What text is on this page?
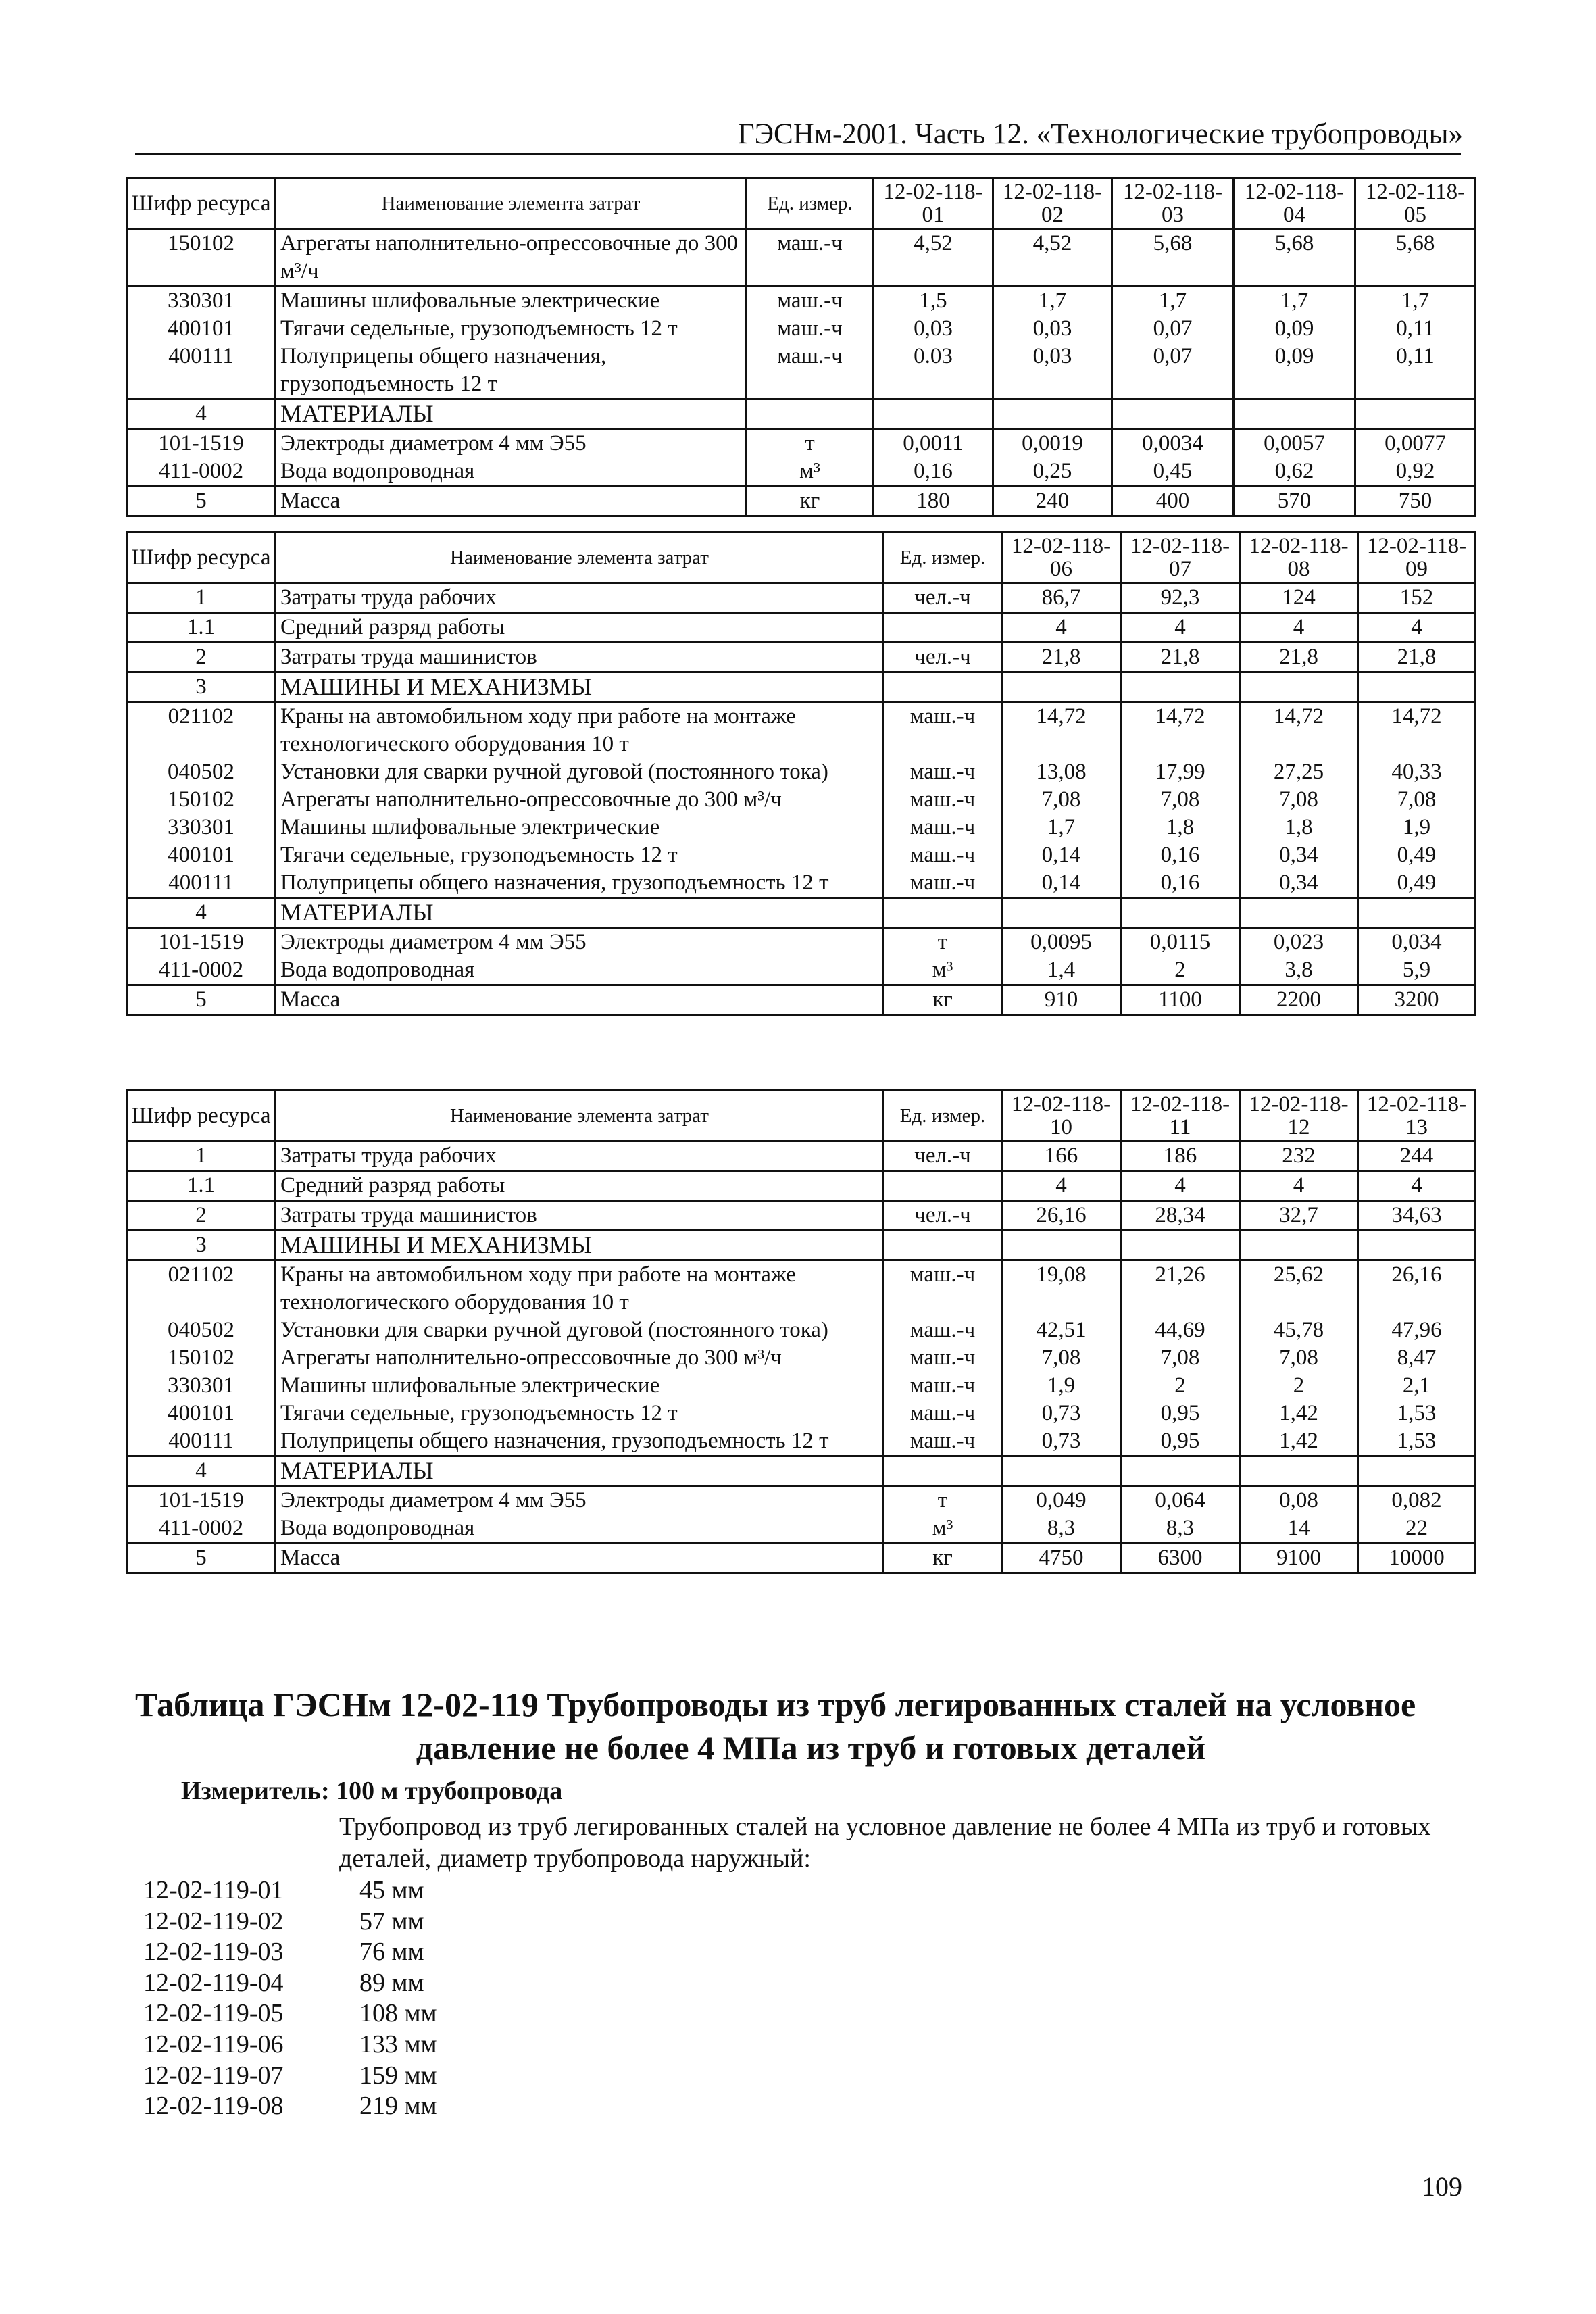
ГЭСНм-2001. Часть 12. «Технологические трубопроводы»
Шифр ресурса	Наименование элемента затрат	Ед. измер.	12-02-118-01	12-02-118-02	12-02-118-03	12-02-118-04	12-02-118-05
150102	Агрегаты наполнительно-опрессовочные до 300 м³/ч	маш.-ч	4,52	4,52	5,68	5,68	5,68
330301	Машины шлифовальные электрические	маш.-ч	1,5	1,7	1,7	1,7	1,7
400101	Тягачи седельные, грузоподъемность 12 т	маш.-ч	0,03	0,03	0,07	0,09	0,11
400111	Полуприцепы общего назначения, грузоподъемность 12 т	маш.-ч	0.03	0,03	0,07	0,09	0,11
4	МАТЕРИАЛЫ						
101-1519	Электроды диаметром 4 мм Э55	т	0,0011	0,0019	0,0034	0,0057	0,0077
411-0002	Вода водопроводная	м³	0,16	0,25	0,45	0,62	0,92
5	Масса	кг	180	240	400	570	750
Шифр ресурса	Наименование элемента затрат	Ед. измер.	12-02-118-06	12-02-118-07	12-02-118-08	12-02-118-09
1	Затраты труда рабочих	чел.-ч	86,7	92,3	124	152
1.1	Средний разряд работы		4	4	4	4
2	Затраты труда машинистов	чел.-ч	21,8	21,8	21,8	21,8
3	МАШИНЫ И МЕХАНИЗМЫ					
021102	Краны на автомобильном ходу при работе на монтаже технологического оборудования 10 т	маш.-ч	14,72	14,72	14,72	14,72
040502	Установки для сварки ручной дуговой (постоянного тока)	маш.-ч	13,08	17,99	27,25	40,33
150102	Агрегаты наполнительно-опрессовочные до 300 м³/ч	маш.-ч	7,08	7,08	7,08	7,08
330301	Машины шлифовальные электрические	маш.-ч	1,7	1,8	1,8	1,9
400101	Тягачи седельные, грузоподъемность 12 т	маш.-ч	0,14	0,16	0,34	0,49
400111	Полуприцепы общего назначения, грузоподъемность 12 т	маш.-ч	0,14	0,16	0,34	0,49
4	МАТЕРИАЛЫ					
101-1519	Электроды диаметром 4 мм Э55	т	0,0095	0,0115	0,023	0,034
411-0002	Вода водопроводная	м³	1,4	2	3,8	5,9
5	Масса	кг	910	1100	2200	3200
Шифр ресурса	Наименование элемента затрат	Ед. измер.	12-02-118-10	12-02-118-11	12-02-118-12	12-02-118-13
1	Затраты труда рабочих	чел.-ч	166	186	232	244
1.1	Средний разряд работы		4	4	4	4
2	Затраты труда машинистов	чел.-ч	26,16	28,34	32,7	34,63
3	МАШИНЫ И МЕХАНИЗМЫ					
021102	Краны на автомобильном ходу при работе на монтаже технологического оборудования 10 т	маш.-ч	19,08	21,26	25,62	26,16
040502	Установки для сварки ручной дуговой (постоянного тока)	маш.-ч	42,51	44,69	45,78	47,96
150102	Агрегаты наполнительно-опрессовочные до 300 м³/ч	маш.-ч	7,08	7,08	7,08	8,47
330301	Машины шлифовальные электрические	маш.-ч	1,9	2	2	2,1
400101	Тягачи седельные, грузоподъемность 12 т	маш.-ч	0,73	0,95	1,42	1,53
400111	Полуприцепы общего назначения, грузоподъемность 12 т	маш.-ч	0,73	0,95	1,42	1,53
4	МАТЕРИАЛЫ					
101-1519	Электроды диаметром 4 мм Э55	т	0,049	0,064	0,08	0,082
411-0002	Вода водопроводная	м³	8,3	8,3	14	22
5	Масса	кг	4750	6300	9100	10000
Таблица ГЭСНм 12-02-119 Трубопроводы из труб легированных сталей на условное
давление не более 4 МПа из труб и готовых деталей
Измеритель: 100 м трубопровода
Трубопровод из труб легированных сталей на условное давление не более 4 МПа из труб и готовых деталей, диаметр трубопровода наружный:
12-02-119-01	45 мм
12-02-119-02	57 мм
12-02-119-03	76 мм
12-02-119-04	89 мм
12-02-119-05	108 мм
12-02-119-06	133 мм
12-02-119-07	159 мм
12-02-119-08	219 мм
109
